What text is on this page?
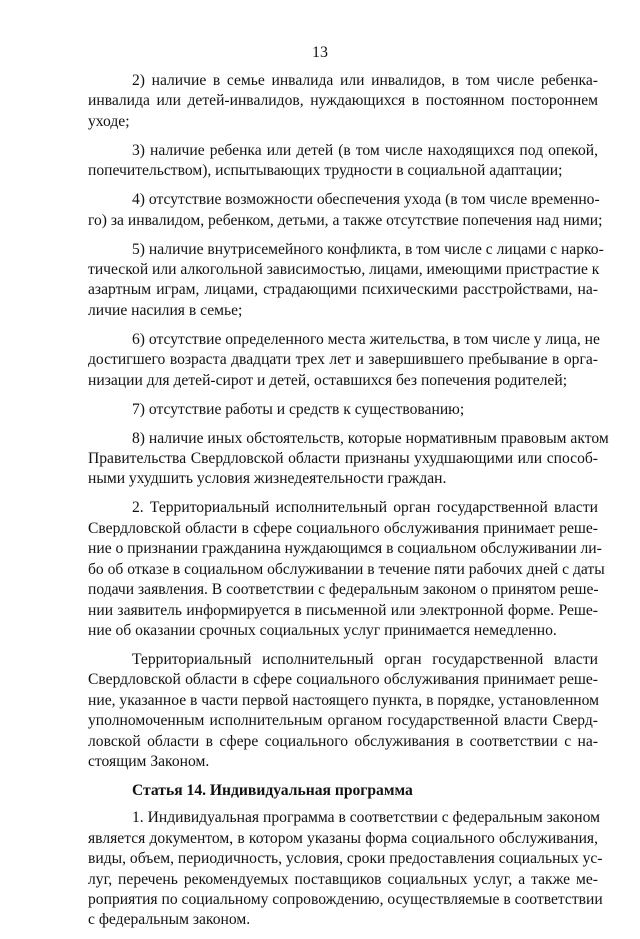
13
2) наличие в семье инвалида или инвалидов, в том числе ребенка-
инвалида или детей-инвалидов, нуждающихся в постоянном постороннем
уходе;
3) наличие ребенка или детей (в том числе находящихся под опекой,
попечительством), испытывающих трудности в социальной адаптации;
4) отсутствие возможности обеспечения ухода (в том числе временно-
го) за инвалидом, ребенком, детьми, а также отсутствие попечения над ними;
5) наличие внутрисемейного конфликта, в том числе с лицами с нарко-
тической или алкогольной зависимостью, лицами, имеющими пристрастие к
азартным играм, лицами, страдающими психическими расстройствами, на-
личие насилия в семье;
6) отсутствие определенного места жительства, в том числе у лица, не
достигшего возраста двадцати трех лет и завершившего пребывание в орга-
низации для детей-сирот и детей, оставшихся без попечения родителей;
7) отсутствие работы и средств к существованию;
8) наличие иных обстоятельств, которые нормативным правовым актом
Правительства Свердловской области признаны ухудшающими или способ-
ными ухудшить условия жизнедеятельности граждан.
2. Территориальный исполнительный орган государственной власти
Свердловской области в сфере социального обслуживания принимает реше-
ние о признании гражданина нуждающимся в социальном обслуживании ли-
бо об отказе в социальном обслуживании в течение пяти рабочих дней с даты
подачи заявления. В соответствии с федеральным законом о принятом реше-
нии заявитель информируется в письменной или электронной форме. Реше-
ние об оказании срочных социальных услуг принимается немедленно.
Территориальный исполнительный орган государственной власти
Свердловской области в сфере социального обслуживания принимает реше-
ние, указанное в части первой настоящего пункта, в порядке, установленном
уполномоченным исполнительным органом государственной власти Сверд-
ловской области в сфере социального обслуживания в соответствии с на-
стоящим Законом.
Статья 14. Индивидуальная программа
1. Индивидуальная программа в соответствии с федеральным законом
является документом, в котором указаны форма социального обслуживания,
виды, объем, периодичность, условия, сроки предоставления социальных ус-
луг, перечень рекомендуемых поставщиков социальных услуг, а также ме-
роприятия по социальному сопровождению, осуществляемые в соответствии
с федеральным законом.
